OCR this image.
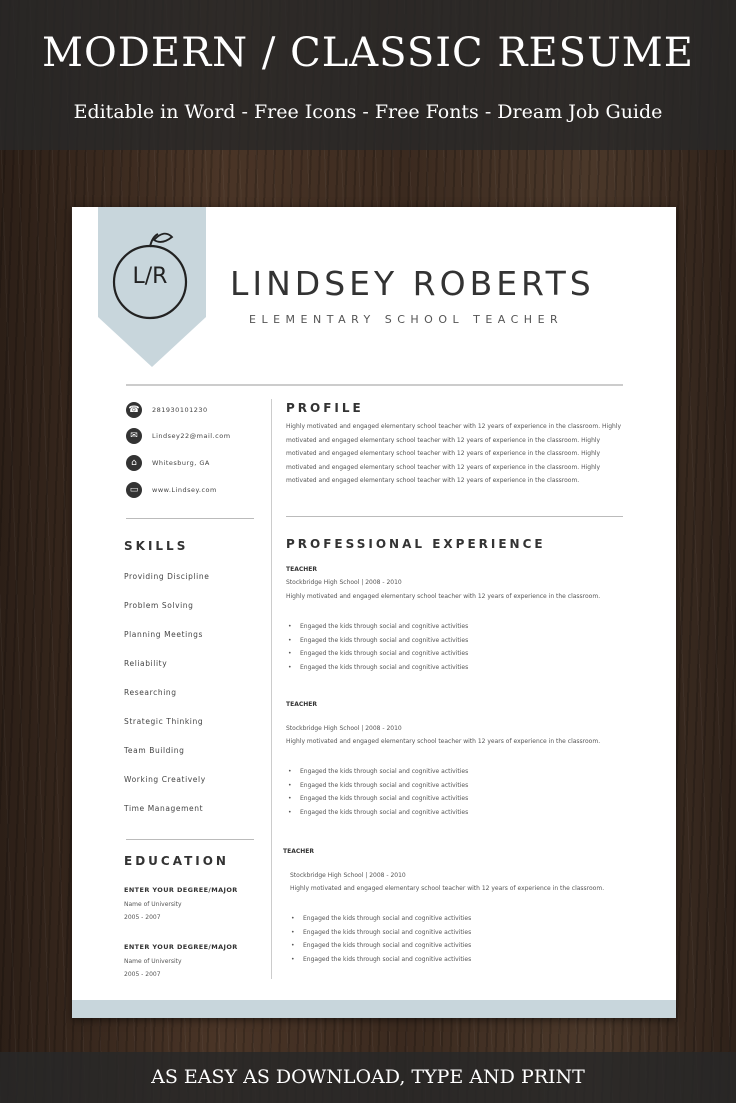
MODERN / CLASSIC RESUME
Editable in Word - Free Icons - Free Fonts - Dream Job Guide
L/R	LINDSEY ROBERTS
ELEMENTARY SCHOOL TEACHER
☎	281930101230
✉	Lindsey22@mail.com
⌂	Whitesburg, GA
▭	www.Lindsey.com
SKILLS
Providing Discipline
Problem Solving
Planning Meetings
Reliability
Researching
Strategic Thinking
Team Building
Working Creatively
Time Management
EDUCATION
ENTER YOUR DEGREE/MAJOR
Name of University
2005 - 2007
ENTER YOUR DEGREE/MAJOR
Name of University
2005 - 2007
PROFILE
Highly motivated and engaged elementary school teacher with 12 years of experience in the classroom. Highly motivated and engaged elementary school teacher with 12 years of experience in the classroom. Highly motivated and engaged elementary school teacher with 12 years of experience in the classroom. Highly motivated and engaged elementary school teacher with 12 years of experience in the classroom. Highly motivated and engaged elementary school teacher with 12 years of experience in the classroom.
PROFESSIONAL EXPERIENCE
TEACHER
Stockbridge High School | 2008 - 2010
Highly motivated and engaged elementary school teacher with 12 years of experience in the classroom.
• Engaged the kids through social and cognitive activities
• Engaged the kids through social and cognitive activities
• Engaged the kids through social and cognitive activities
• Engaged the kids through social and cognitive activities
TEACHER
Stockbridge High School | 2008 - 2010
Highly motivated and engaged elementary school teacher with 12 years of experience in the classroom.
• Engaged the kids through social and cognitive activities
• Engaged the kids through social and cognitive activities
• Engaged the kids through social and cognitive activities
• Engaged the kids through social and cognitive activities
TEACHER
Stockbridge High School | 2008 - 2010
Highly motivated and engaged elementary school teacher with 12 years of experience in the classroom.
• Engaged the kids through social and cognitive activities
• Engaged the kids through social and cognitive activities
• Engaged the kids through social and cognitive activities
• Engaged the kids through social and cognitive activities
AS EASY AS DOWNLOAD, TYPE AND PRINT
